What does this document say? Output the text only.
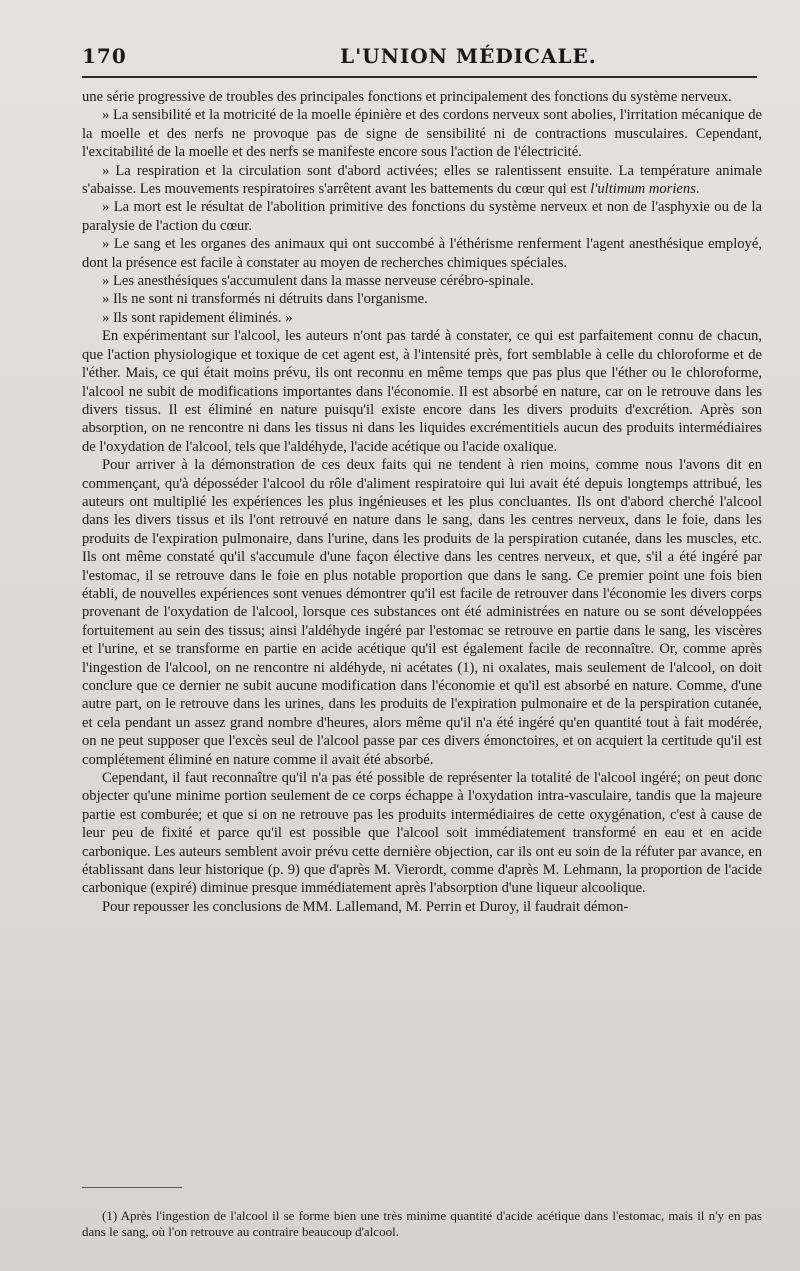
170	L'UNION MÉDICALE.

une série progressive de troubles des principales fonctions et principalement des fonctions du système nerveux.

» La sensibilité et la motricité de la moelle épinière et des cordons nerveux sont abolies, l'irritation mécanique de la moelle et des nerfs ne provoque pas de signe de sensibilité ni de contractions musculaires. Cependant, l'excitabilité de la moelle et des nerfs se manifeste encore sous l'action de l'électricité.

» La respiration et la circulation sont d'abord activées; elles se ralentissent ensuite. La température animale s'abaisse. Les mouvements respiratoires s'arrêtent avant les battements du cœur qui est l'ultimum moriens.

» La mort est le résultat de l'abolition primitive des fonctions du système nerveux et non de l'asphyxie ou de la paralysie de l'action du cœur.

» Le sang et les organes des animaux qui ont succombé à l'éthérisme renferment l'agent anesthésique employé, dont la présence est facile à constater au moyen de recherches chimiques spéciales.

» Les anesthésiques s'accumulent dans la masse nerveuse cérébro-spinale.

» Ils ne sont ni transformés ni détruits dans l'organisme.

» Ils sont rapidement éliminés. »

En expérimentant sur l'alcool, les auteurs n'ont pas tardé à constater, ce qui est parfaitement connu de chacun, que l'action physiologique et toxique de cet agent est, à l'intensité près, fort semblable à celle du chloroforme et de l'éther. Mais, ce qui était moins prévu, ils ont reconnu en même temps que pas plus que l'éther ou le chloroforme, l'alcool ne subit de modifications importantes dans l'économie. Il est absorbé en nature, car on le retrouve dans les divers tissus. Il est éliminé en nature puisqu'il existe encore dans les divers produits d'excrétion. Après son absorption, on ne rencontre ni dans les tissus ni dans les liquides excrémentitiels aucun des produits intermédiaires de l'oxydation de l'alcool, tels que l'aldéhyde, l'acide acétique ou l'acide oxalique.

Pour arriver à la démonstration de ces deux faits qui ne tendent à rien moins, comme nous l'avons dit en commençant, qu'à déposséder l'alcool du rôle d'aliment respiratoire qui lui avait été depuis longtemps attribué, les auteurs ont multiplié les expériences les plus ingénieuses et les plus concluantes. Ils ont d'abord cherché l'alcool dans les divers tissus et ils l'ont retrouvé en nature dans le sang, dans les centres nerveux, dans le foie, dans les produits de l'expiration pulmonaire, dans l'urine, dans les produits de la perspiration cutanée, dans les muscles, etc. Ils ont même constaté qu'il s'accumule d'une façon élective dans les centres nerveux, et que, s'il a été ingéré par l'estomac, il se retrouve dans le foie en plus notable proportion que dans le sang. Ce premier point une fois bien établi, de nouvelles expériences sont venues démontrer qu'il est facile de retrouver dans l'économie les divers corps provenant de l'oxydation de l'alcool, lorsque ces substances ont été administrées en nature ou se sont développées fortuitement au sein des tissus; ainsi l'aldéhyde ingéré par l'estomac se retrouve en partie dans le sang, les viscères et l'urine, et se transforme en partie en acide acétique qu'il est également facile de reconnaître. Or, comme après l'ingestion de l'alcool, on ne rencontre ni aldéhyde, ni acétates (1), ni oxalates, mais seulement de l'alcool, on doit conclure que ce dernier ne subit aucune modification dans l'économie et qu'il est absorbé en nature. Comme, d'une autre part, on le retrouve dans les urines, dans les produits de l'expiration pulmonaire et de la perspiration cutanée, et cela pendant un assez grand nombre d'heures, alors même qu'il n'a été ingéré qu'en quantité tout à fait modérée, on ne peut supposer que l'excès seul de l'alcool passe par ces divers émonctoires, et on acquiert la certitude qu'il est complétement éliminé en nature comme il avait été absorbé.

Cependant, il faut reconnaître qu'il n'a pas été possible de représenter la totalité de l'alcool ingéré; on peut donc objecter qu'une minime portion seulement de ce corps échappe à l'oxydation intra-vasculaire, tandis que la majeure partie est comburée; et que si on ne retrouve pas les produits intermédiaires de cette oxygénation, c'est à cause de leur peu de fixité et parce qu'il est possible que l'alcool soit immédiatement transformé en eau et en acide carbonique. Les auteurs semblent avoir prévu cette dernière objection, car ils ont eu soin de la réfuter par avance, en établissant dans leur historique (p. 9) que d'après M. Vierordt, comme d'après M. Lehmann, la proportion de l'acide carbonique (expiré) diminue presque immédiatement après l'absorption d'une liqueur alcoolique.

Pour repousser les conclusions de MM. Lallemand, M. Perrin et Duroy, il faudrait démon-

(1) Après l'ingestion de l'alcool il se forme bien une très minime quantité d'acide acétique dans l'estomac, mais il n'y en pas dans le sang, où l'on retrouve au contraire beaucoup d'alcool.
